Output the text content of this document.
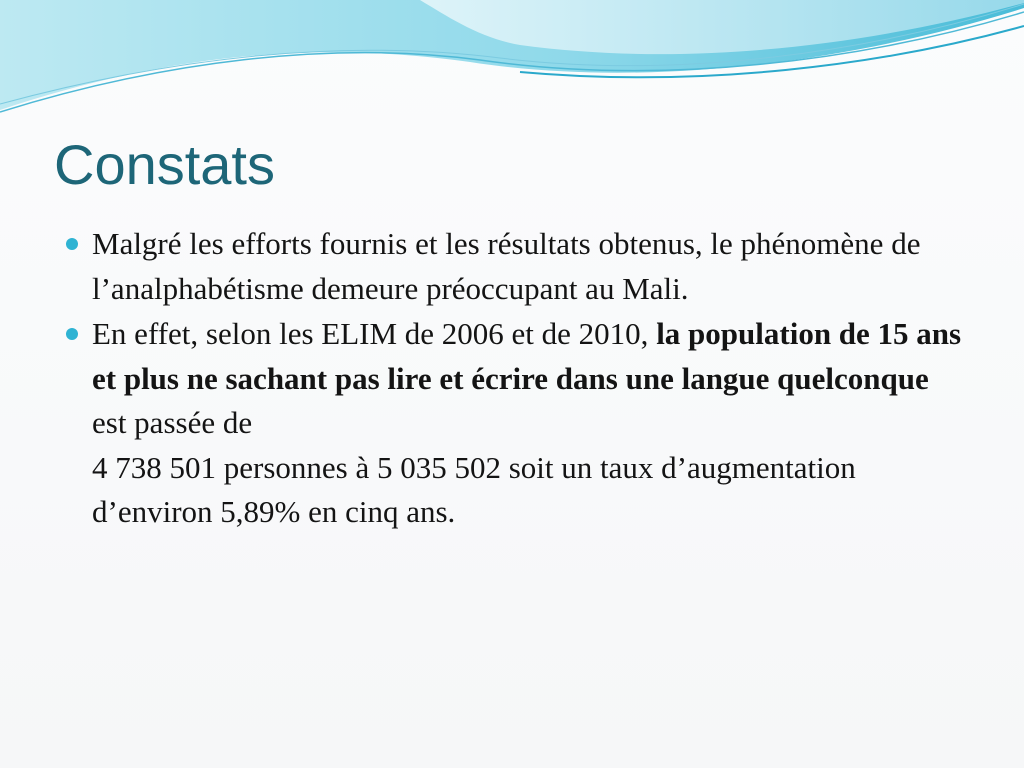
Constats
Malgré les efforts fournis et les résultats obtenus, le phénomène de l’analphabétisme demeure préoccupant au Mali.
En effet, selon les ELIM de 2006 et de 2010, la population de 15 ans et plus ne sachant pas lire et écrire dans une langue quelconque est passée de
4 738 501 personnes à 5 035 502 soit un taux d’augmentation d’environ 5,89% en cinq ans.
